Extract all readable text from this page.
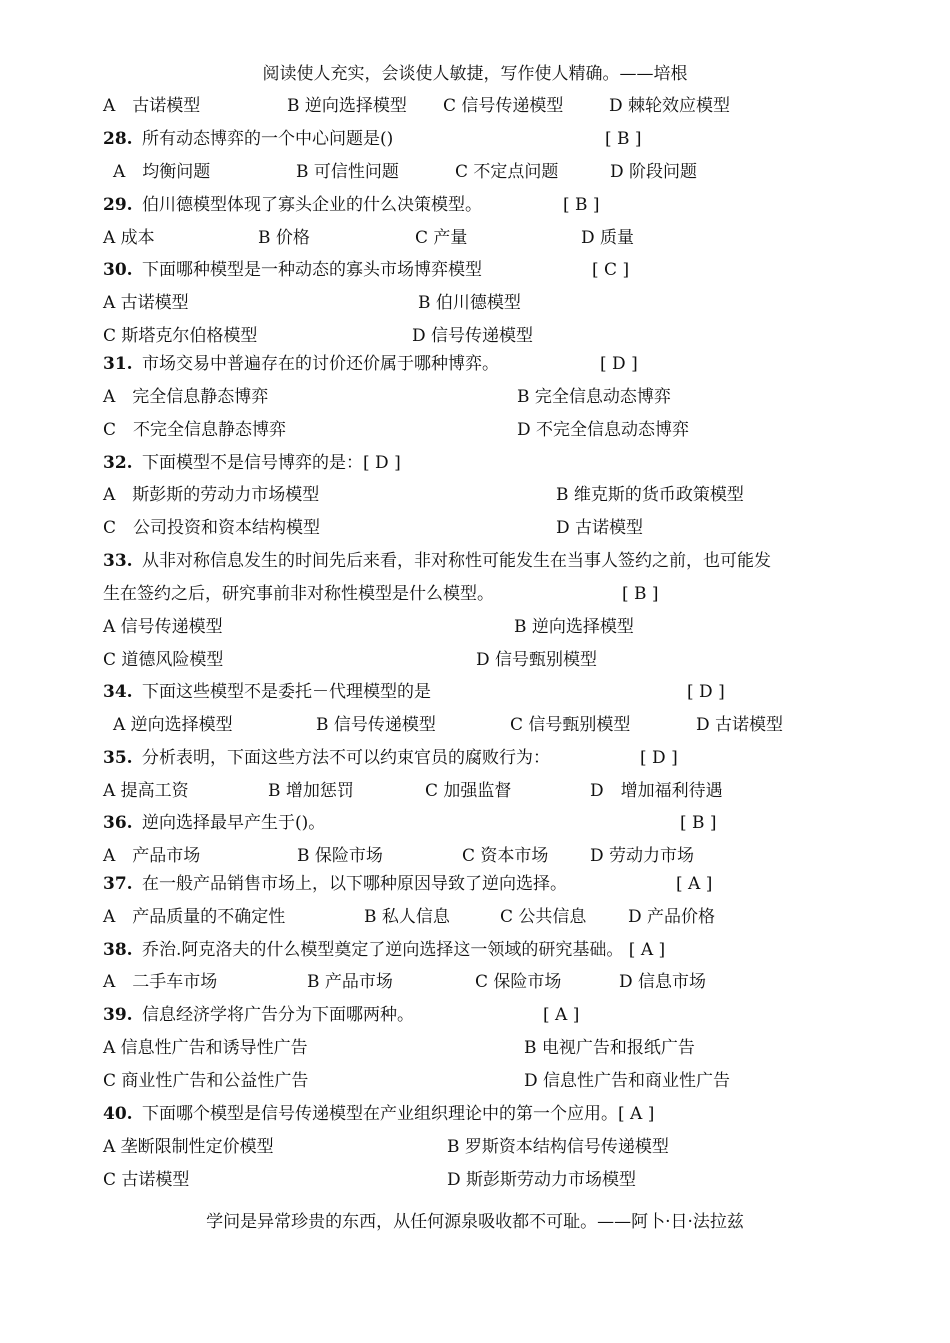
阅读使人充实，会谈使人敏捷，写作使人精确。——培根
A　古诺模型	B 逆向选择模型 C 信号传递模型	D 棘轮效应模型
28. 所有动态博弈的一个中心问题是()	[ B ]
A　均衡问题	B 可信性问题	C 不定点问题	D 阶段问题
29. 伯川德模型体现了寡头企业的什么决策模型。	[ B ]
A 成本	B 价格	C 产量	D 质量
30. 下面哪种模型是一种动态的寡头市场博弈模型	[ C ]
A 古诺模型	B 伯川德模型
C 斯塔克尔伯格模型	D 信号传递模型
31. 市场交易中普遍存在的讨价还价属于哪种博弈。	[ D ]
A　完全信息静态博弈	B 完全信息动态博弈
C　不完全信息静态博弈	D 不完全信息动态博弈
32. 下面模型不是信号博弈的是：[ D ]
A　斯彭斯的劳动力市场模型	B 维克斯的货币政策模型
C　公司投资和资本结构模型	D 古诺模型
33. 从非对称信息发生的时间先后来看，非对称性可能发生在当事人签约之前，也可能发
生在签约之后，研究事前非对称性模型是什么模型。	[ B ]
A 信号传递模型	B 逆向选择模型
C 道德风险模型	D 信号甄别模型
34. 下面这些模型不是委托－代理模型的是	[ D ]
A 逆向选择模型	B 信号传递模型	C 信号甄别模型	D 古诺模型
35. 分析表明，下面这些方法不可以约束官员的腐败行为：	[ D ]
A 提高工资	B 增加惩罚	C 加强监督	D　增加福利待遇
36. 逆向选择最早产生于()。	[ B ]
A　产品市场	B 保险市场	C 资本市场 D 劳动力市场
37. 在一般产品销售市场上，以下哪种原因导致了逆向选择。	[ A ]
A　产品质量的不确定性	B 私人信息	C 公共信息 D 产品价格
38. 乔治.阿克洛夫的什么模型奠定了逆向选择这一领域的研究基础。 [ A ]
A　二手车市场	B 产品市场	C 保险市场	D 信息市场
39. 信息经济学将广告分为下面哪两种。	[ A ]
A 信息性广告和诱导性广告	B 电视广告和报纸广告
C 商业性广告和公益性广告	D 信息性广告和商业性广告
40. 下面哪个模型是信号传递模型在产业组织理论中的第一个应用。[ A ]
A 垄断限制性定价模型	B 罗斯资本结构信号传递模型
C 古诺模型	D 斯彭斯劳动力市场模型
学问是异常珍贵的东西，从任何源泉吸收都不可耻。——阿卜·日·法拉兹
